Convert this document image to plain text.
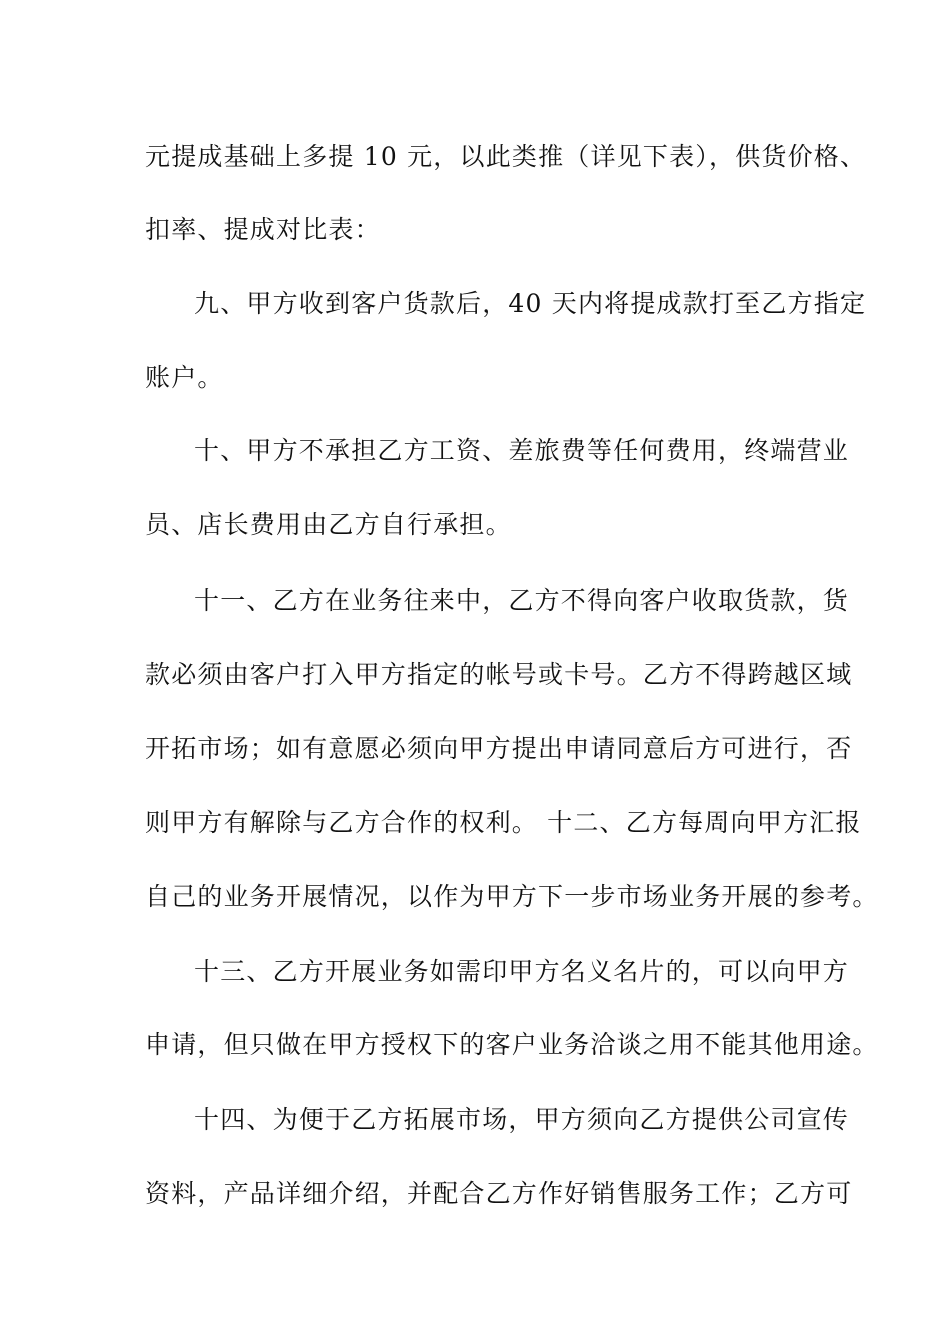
元提成基础上多提 10 元，以此类推（详见下表），供货价格、
扣率、提成对比表：
九、甲方收到客户货款后，40 天内将提成款打至乙方指定
账户。
十、甲方不承担乙方工资、差旅费等任何费用，终端营业
员、店长费用由乙方自行承担。
十一、乙方在业务往来中，乙方不得向客户收取货款，货
款必须由客户打入甲方指定的帐号或卡号。乙方不得跨越区域
开拓市场；如有意愿必须向甲方提出申请同意后方可进行，否
则甲方有解除与乙方合作的权利。 十二、乙方每周向甲方汇报
自己的业务开展情况，以作为甲方下一步市场业务开展的参考。
十三、乙方开展业务如需印甲方名义名片的，可以向甲方
申请，但只做在甲方授权下的客户业务洽谈之用不能其他用途。
十四、为便于乙方拓展市场，甲方须向乙方提供公司宣传
资料，产品详细介绍，并配合乙方作好销售服务工作；乙方可
